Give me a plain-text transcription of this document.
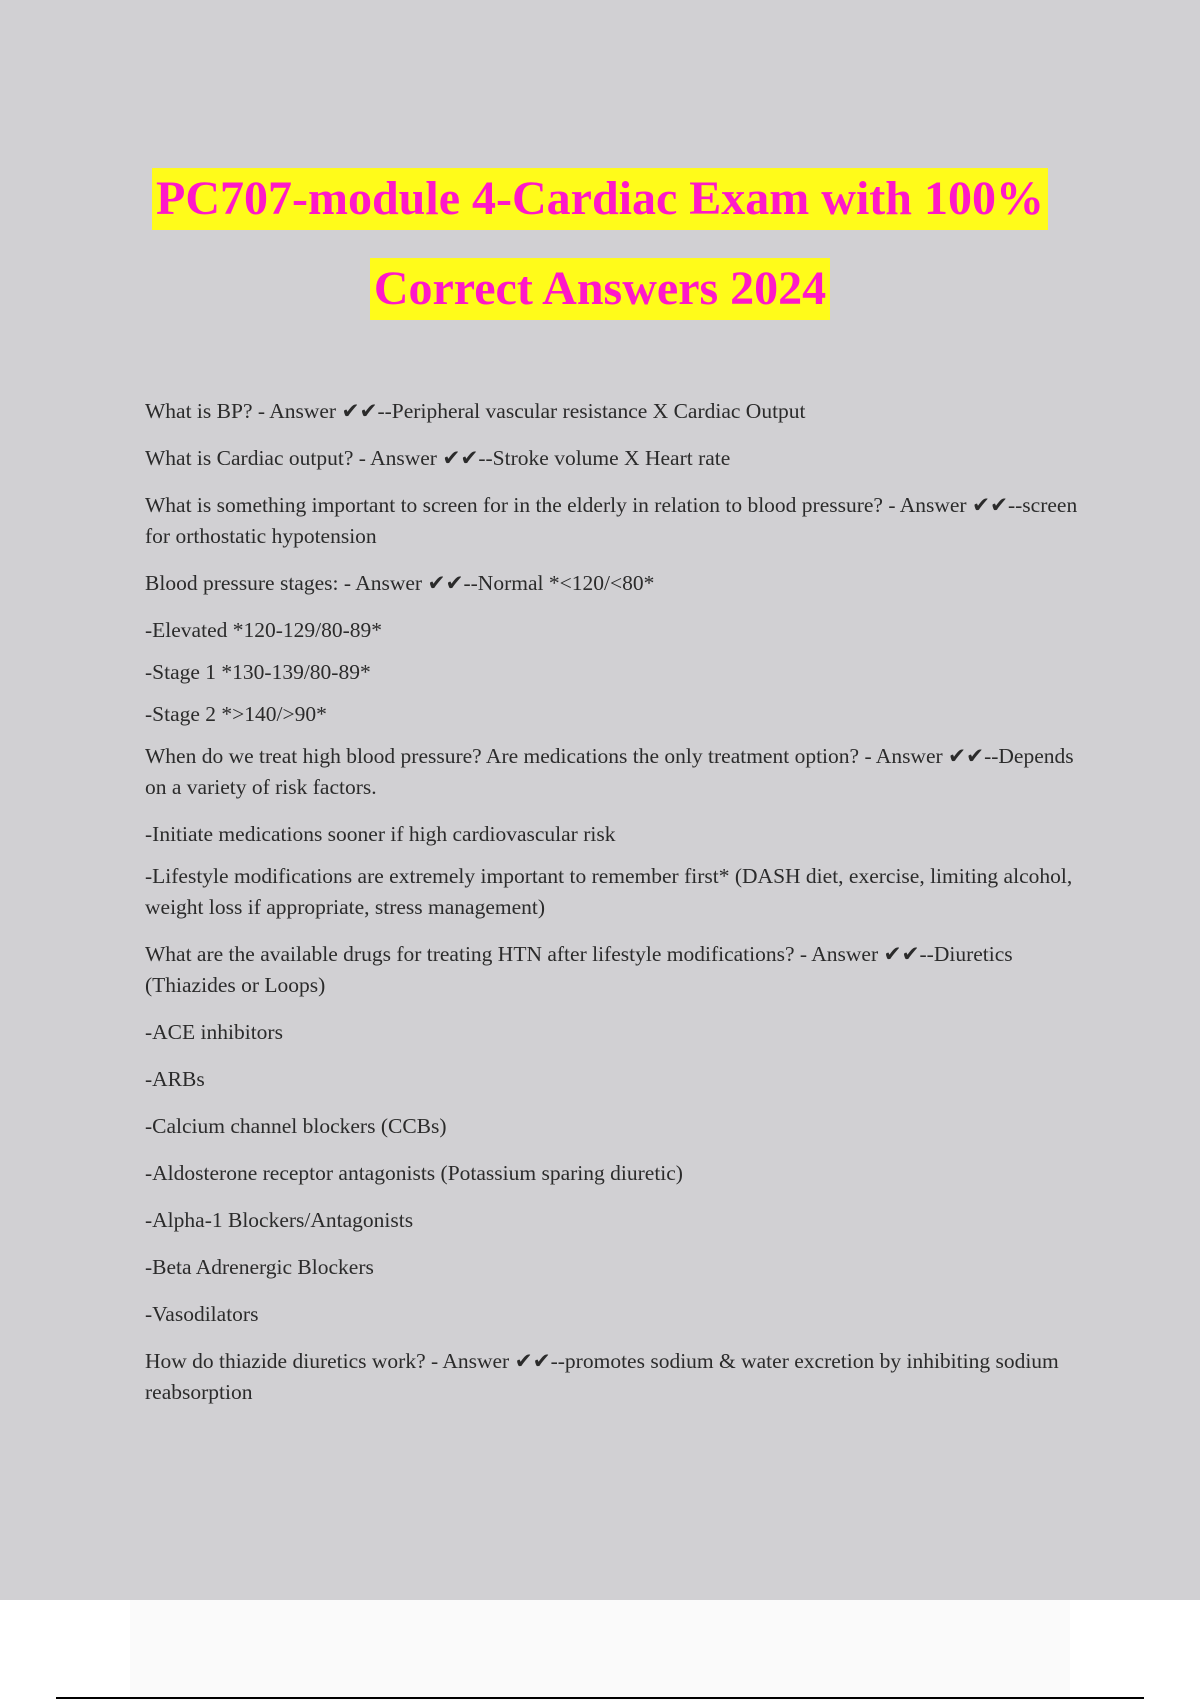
PC707-module 4-Cardiac Exam with 100%
Correct Answers 2024

What is BP? - Answer ✔✔--Peripheral vascular resistance X Cardiac Output

What is Cardiac output? - Answer ✔✔--Stroke volume X Heart rate

What is something important to screen for in the elderly in relation to blood pressure? - Answer ✔✔--screen for orthostatic hypotension

Blood pressure stages: - Answer ✔✔--Normal *<120/<80*

-Elevated *120-129/80-89*

-Stage 1 *130-139/80-89*

-Stage 2 *>140/>90*

When do we treat high blood pressure? Are medications the only treatment option? - Answer ✔✔--Depends on a variety of risk factors.

-Initiate medications sooner if high cardiovascular risk

-Lifestyle modifications are extremely important to remember first* (DASH diet, exercise, limiting alcohol, weight loss if appropriate, stress management)

What are the available drugs for treating HTN after lifestyle modifications? - Answer ✔✔--Diuretics (Thiazides or Loops)

-ACE inhibitors

-ARBs

-Calcium channel blockers (CCBs)

-Aldosterone receptor antagonists (Potassium sparing diuretic)

-Alpha-1 Blockers/Antagonists

-Beta Adrenergic Blockers

-Vasodilators

How do thiazide diuretics work? - Answer ✔✔--promotes sodium & water excretion by inhibiting sodium reabsorption
